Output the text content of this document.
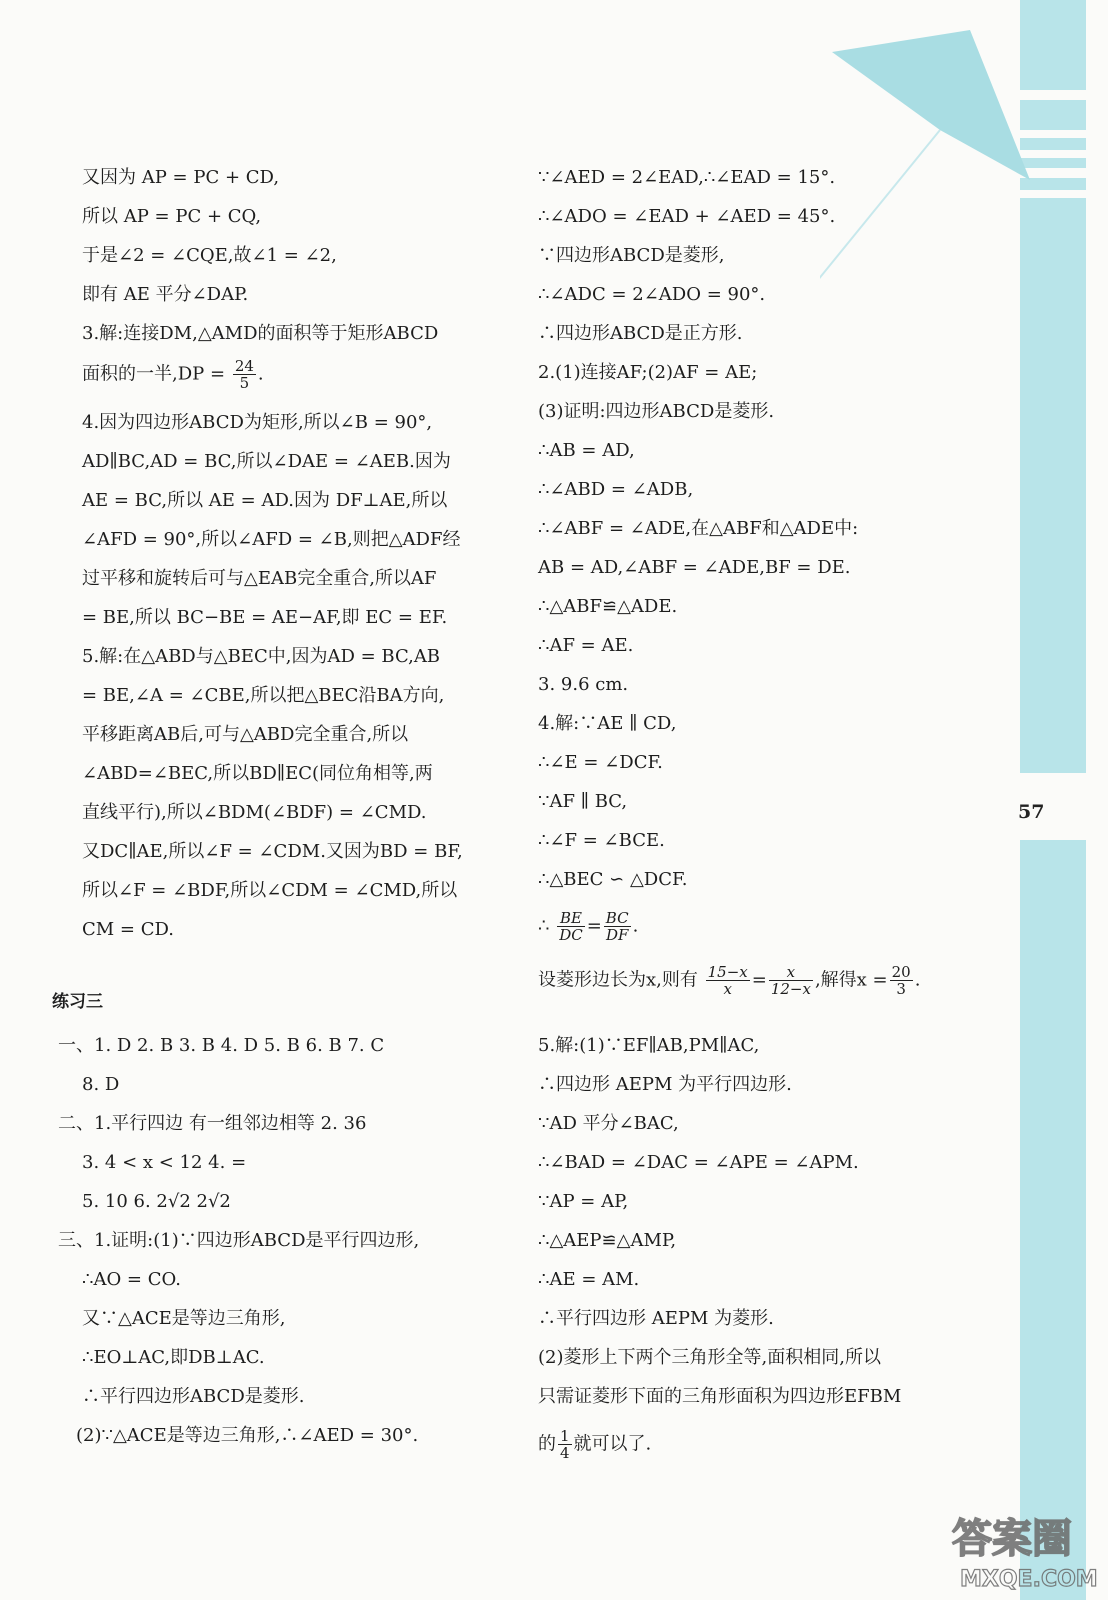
57
又因为 AP = PC + CD,
所以 AP = PC + CQ,
于是∠2 = ∠CQE,故∠1 = ∠2,
即有 AE 平分∠DAP.
3.解:连接DM,△AMD的面积等于矩形ABCD
面积的一半$,DP = \frac{24}{5}$ .
4.因为四边形ABCD为矩形,所以∠B = 90°,
AD∥BC,AD = BC,所以∠DAE = ∠AEB.因为
AE = BC,所以 AE = AD.因为 DF⊥AE,所以
∠AFD = 90°,所以∠AFD = ∠B,则把△ADF经
过平移和旋转后可与△EAB完全重合,所以AF
= BE,所以 BC−BE = AE−AF,即 EC = EF.
5.解:在△ABD与△BEC中,因为AD = BC,AB
= BE,∠A = ∠CBE,所以把△BEC沿BA方向,
平移距离AB后,可与△ABD完全重合,所以
∠ABD=∠BEC,所以BD∥EC(同位角相等,两
直线平行),所以∠BDM(∠BDF) = ∠CMD.
又DC∥AE,所以∠F = ∠CDM.又因为BD = BF,
所以∠F = ∠BDF,所以∠CDM = ∠CMD,所以
CM = CD.
练习三
一、1. D 2. B 3. B 4. D 5. B 6. B 7. C
8. D
二、1.平行四边 有一组邻边相等 2. 36
3. 4 < x < 12 4. =
5. 10 6. 2√2 2√2
三、1.证明:(1)∵四边形ABCD是平行四边形,
∴AO = CO.
又∵△ACE是等边三角形,
∴EO⊥AC,即DB⊥AC.
∴平行四边形ABCD是菱形.
(2)∵△ACE是等边三角形,∴∠AED = 30°.
∵∠AED = 2∠EAD,∴∠EAD = 15°.
∴∠ADO = ∠EAD + ∠AED = 45°.
∵四边形ABCD是菱形,
∴∠ADC = 2∠ADO = 90°.
∴四边形ABCD是正方形.
2.(1)连接AF;(2)AF = AE;
(3)证明:四边形ABCD是菱形.
∴AB = AD,
∴∠ABD = ∠ADB,
∴∠ABF = ∠ADE,在△ABF和△ADE中:
AB = AD,∠ABF = ∠ADE,BF = DE.
∴△ABF≌△ADE.
∴AF = AE.
3. 9.6 cm.
4.解:∵AE ∥ CD,
∴∠E = ∠DCF.
∵AF ∥ BC,
∴∠F = ∠BCE.
∴△BEC ∽ △DCF.
∴ $\frac{BE}{DC} = \frac{BC}{DF}$ .
设菱形边长为x,则有 $\frac{15-x}{x} = \frac{x}{12-x}$ ,解得$x = \frac{20}{3}$ .
5.解:(1)∵EF∥AB,PM∥AC,
∴四边形 AEPM 为平行四边形.
∵AD 平分∠BAC,
∴∠BAD = ∠DAC = ∠APE = ∠APM.
∵AP = AP,
∴△AEP≌△AMP,
∴AE = AM.
∴平行四边形 AEPM 为菱形.
(2)菱形上下两个三角形全等,面积相同,所以
只需证菱形下面的三角形面积为四边形EFBM
的 $\frac{1}{4}$ 就可以了.
答案圈
MXQE.COM
